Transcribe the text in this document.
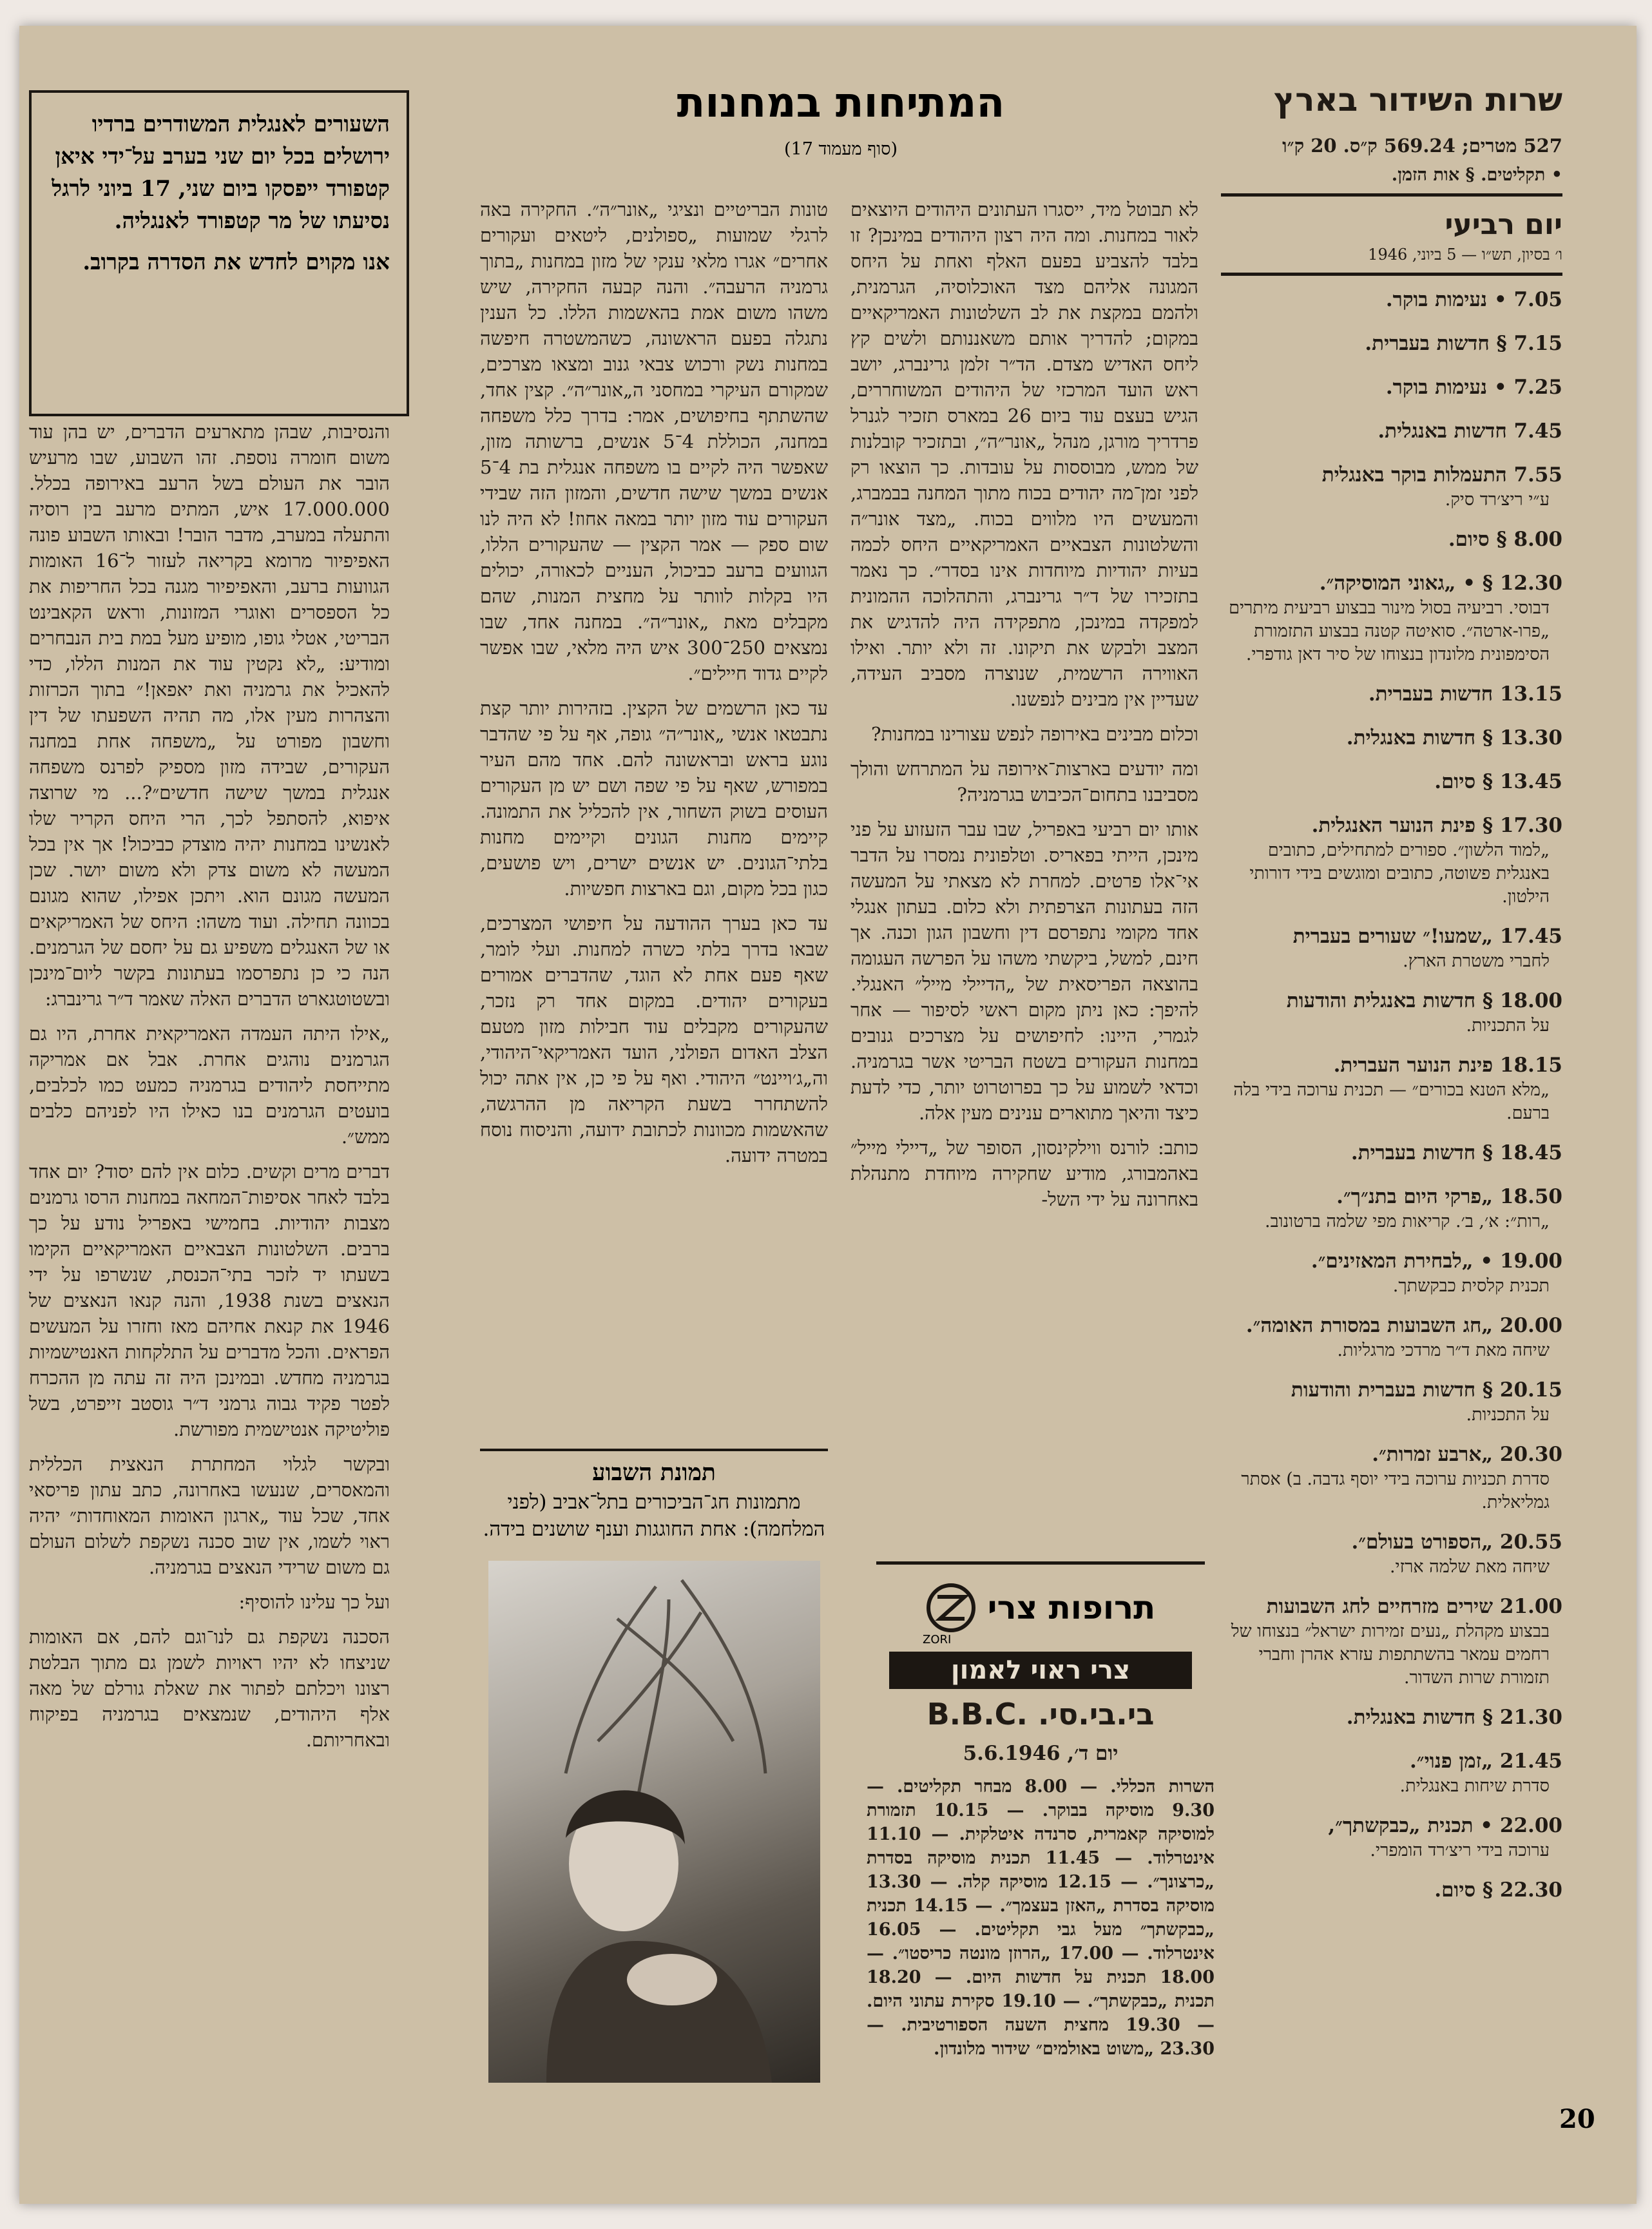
שרות השידור בארץ

527 מטרים; 569.24 ק״ס. 20 ק״ו

• תקליטים. § אות הזמן.

יום רביעי

ו׳ בסיון, תש״ו — 5 ביוני, 1946

7.05 • נעימות בוקר.

7.15 § חדשות בעברית.

7.25 • נעימות בוקר.

7.45 חדשות באנגלית.

7.55 התעמלות בוקר באנגלית

ע״י ריצ׳רד סיק.

8.00 § סיום.

12.30 § • „גאוני המוסיקה״.

דבוסי. רביעיה בסול מינור בבצוע רביעית מיתרים „פרו-ארטה״. סואיטה קטנה בבצוע התזמורת הסימפונית מלונדון בנצוחו של סיר דאן גודפרי.

13.15 חדשות בעברית.

13.30 § חדשות באנגלית.

13.45 § סיום.

17.30 § פינת הנוער האנגלית.

„למוד הלשון״. ספורים למתחילים, כתובים באנגלית פשוטה, כתובים ומוגשים בידי דורותי הילטון.

17.45 „שמעו!״ שעורים בעברית

לחברי משטרת הארץ.

18.00 § חדשות באנגלית והודעות

על התכניות.

18.15 פינת הנוער העברית.

„מלא הטנא בכורים״ — תכנית ערוכה בידי בלה ברעם.

18.45 § חדשות בעברית.

18.50 „פרקי היום בתנ״ך״.

„רות״: א׳, ב׳. קריאות מפי שלמה ברטונוב.

19.00 • „לבחירת המאזינים״.

תכנית קלסית כבקשתך.

20.00 „חג השבועות במסורת האומה״.

שיחה מאת ד״ר מרדכי מרגליות.

20.15 § חדשות בעברית והודעות

על התכניות.

20.30 „ארבע זמרות״.

סדרת תכניות ערוכה בידי יוסף גדבה. ב) אסתר גמליאלית.

20.55 „הספורט בעולם״.

שיחה מאת שלמה ארזי.

21.00 שירים מזרחיים לחג השבועות

בבצוע מקהלת „נעים זמירות ישראל״ בנצוחו של רחמים עמאר בהשתתפות עזרא אהרן וחברי תזמורת שרות השדור.

21.30 § חדשות באנגלית.

21.45 „זמן פנוי״.

סדרת שיחות באנגלית.

22.00 • תכנית „כבקשתך״,

ערוכה בידי ריצ׳רד הומפרי.

22.30 § סיום.

המתיחות במחנות

(סוף מעמוד 17)

לא תבוטל מיד, ייסגרו העתונים היהודים היוצאים לאור במחנות. ומה היה רצון היהודים במינכן? זו בלבד להצביע בפעם האלף ואחת על היחס המגונה אליהם מצד האוכלוסיה, הגרמנית, ולהמם במקצת את לב השלטונות האמריקאיים במקום; להדריך אותם משאננותם ולשים קץ ליחס האדיש מצדם. הד״ר זלמן גרינברג, יושב ראש הועד המרכזי של היהודים המשוחררים, הגיש בעצם עוד ביום 26 במארס תזכיר לגנרל פרדריך מורגן, מנהל „אונר״ה״, ובתזכיר קובלנות של ממש, מבוססות על עובדות. כך הוצאו רק לפני זמן־מה יהודים בכוח מתוך המחנה בבמברג, והמעשים היו מלווים בכוח. „מצד אונר״ה והשלטונות הצבאיים האמריקאיים היחס לכמה בעיות יהודיות מיוחדות אינו בסדר״. כך נאמר בתזכירו של ד״ר גרינברג, והתהלוכה ההמונית למפקדה במינכן, מתפקידה היה להדגיש את המצב ולבקש את תיקונו. זה ולא יותר. ואילו האווירה הרשמית, שנוצרה מסביב העידה, שעדיין אין מבינים לנפשנו.

וכלום מבינים באירופה לנפש עצורינו במחנות?

ומה יודעים בארצות־אירופה על המתרחש והולך מסביבנו בתחום־הכיבוש בגרמניה?

אותו יום רביעי באפריל, שבו עבר הזעזוע על פני מינכן, הייתי בפאריס. וטלפונית נמסרו על הדבר אי־אלו פרטים. למחרת לא מצאתי על המעשה הזה בעתונות הצרפתית ולא כלום. בעתון אנגלי אחד מקומי נתפרסם דין וחשבון הגון וכנה. אך חינם, למשל, ביקשתי משהו על הפרשה העגומה בהוצאה הפריסאית של „הדיילי מייל״ האנגלי. להיפך: כאן ניתן מקום ראשי לסיפור — אחר לגמרי, היינו: לחיפושים על מצרכים גנובים במחנות העקורים בשטח הבריטי אשר בגרמניה. וכדאי לשמוע על כך בפרוטרוט יותר, כדי לדעת כיצד והיאך מתוארים ענינים מעין אלה.

כותב: לורנס ווילקינסון, הסופר של „דיילי מייל״ באהמבורג, מודיע שחקירה מיוחדת מתנהלת באחרונה על ידי השל-

טונות הבריטיים ונציגי „אונר״ה״. החקירה באה לרגלי שמועות „ספולנים, ליטאים ועקורים אחרים״ אגרו מלאי ענקי של מזון במחנות „בתוך גרמניה הרעבה״. והנה קבעה החקירה, שיש משהו משום אמת בהאשמות הללו. כל הענין נתגלה בפעם הראשונה, כשהמשטרה חיפשה במחנות נשק ורכוש צבאי גנוב ומצאו מצרכים, שמקורם העיקרי במחסני ה„אונר״ה״. קצין אחד, שהשתתף בחיפושים, אמר: בדרך כלל משפחה במחנה, הכוללת 4־5 אנשים, ברשותה מזון, שאפשר היה לקיים בו משפחה אנגלית בת 4־5 אנשים במשך שישה חדשים, והמזון הזה שבידי העקורים עוד מזון יותר במאה אחוז! לא היה לנו שום ספק — אמר הקצין — שהעקורים הללו, הגוועים ברעב כביכול, העניים לכאורה, יכולים היו בקלות לוותר על מחצית המנות, שהם מקבלים מאת „אונר״ה״. במחנה אחד, שבו נמצאים 250־300 איש היה מלאי, שבו אפשר לקיים גדוד חיילים״.

עד כאן הרשמים של הקצין. בזהירות יותר קצת נתבטאו אנשי „אונר״ה״ גופה, אף על פי שהדבר נוגע בראש ובראשונה להם. אחד מהם העיר במפורש, שאף על פי שפה ושם יש מן העקורים העוסים בשוק השחור, אין להכליל את התמונה. קיימים מחנות הגונים וקיימים מחנות בלתי־הגונים. יש אנשים ישרים, ויש פושעים, כגון בכל מקום, וגם בארצות חפשיות.

עד כאן בערך ההודעה על חיפושי המצרכים, שבאו בדרך בלתי כשרה למחנות. ועלי לומר, שאף פעם אחת לא הוגד, שהדברים אמורים בעקורים יהודים. במקום אחד רק נזכר, שהעקורים מקבלים עוד חבילות מזון מטעם הצלב האדום הפולני, הועד האמריקאי־היהודי, וה„ג׳ויינט״ היהודי. ואף על פי כן, אין אתה יכול להשתחרר בשעת הקריאה מן ההרגשה, שהאשמות מכוונות לכתובת ידועה, והניסוח נוסח במטרה ידועה.

והנסיבות, שבהן מתארעים הדברים, יש בהן עוד משום חומרה נוספת. זהו השבוע, שבו מרעיש הובר את העולם בשל הרעב באירופה בכלל. 17.000.000 איש, המתים מרעב בין רוסיה והתעלה במערב, מדבר הובר! ובאותו השבוע פונה האפיפיור מרומא בקריאה לעזור ל־16 האומות הגוועות ברעב, והאפיפיור מגנה בכל החריפות את כל הספסרים ואוגרי המזונות, וראש הקאבינט הבריטי, אטלי גופו, מופיע מעל במת בית הנבחרים ומודיע: „לא נקטין עוד את המנות הללו, כדי להאכיל את גרמניה ואת יאפאן!״ בתוך הכרזות והצהרות מעין אלו, מה תהיה השפעתו של דין וחשבון מפורט על „משפחה אחת במחנה העקורים, שבידה מזון מספיק לפרנס משפחה אנגלית במשך שישה חדשים״?... מי שרוצה איפוא, להסתפל לכך, הרי היחס הקריר שלו לאנשינו במחנות יהיה מוצדק כביכול! אך אין בכל המעשה לא משום צדק ולא משום יושר. שכן המעשה מגונם הוא. ויתכן אפילו, שהוא מגונם בכוונה תחילה. ועוד משהו: היחס של האמריקאים או של האנגלים משפיע גם על יחסם של הגרמנים. הנה כי כן נתפרסמו בעתונות בקשר ליום־מינכן ובשטוטגארט הדברים האלה שאמר ד״ר גרינברג:

„אילו היתה העמדה האמריקאית אחרת, היו גם הגרמנים נוהגים אחרת. אבל אם אמריקה מתייחסת ליהודים בגרמניה כמעט כמו לכלבים, בועטים הגרמנים בנו כאילו היו לפניהם כלבים ממש״.

דברים מרים וקשים. כלום אין להם יסוד? יום אחד בלבד לאחר אסיפות־המחאה במחנות הרסו גרמנים מצבות יהודיות. בחמישי באפריל נודע על כך ברבים. השלטונות הצבאיים האמריקאיים הקימו בשעתו יד לזכר בתי־הכנסת, שנשרפו על ידי הנאצים בשנת 1938, והנה קנאו הנאצים של 1946 את קנאת אחיהם מאז וחזרו על המעשים הפראים. והכל מדברים על התלקחות האנטישמיות בגרמניה מחדש. ובמינכן היה זה עתה מן ההכרח לפטר פקיד גבוה גרמני ד״ר גוסטב זייפרט, בשל פוליטיקה אנטישמית מפורשת.

ובקשר לגלוי המחתרת הנאצית הכללית והמאסרים, שנעשו באחרונה, כתב עתון פריסאי אחד, שכל עוד „ארגון האומות המאוחדות״ יהיה ראוי לשמו, אין שוב סכנה נשקפת לשלום העולם גם משום שרידי הנאצים בגרמניה.

ועל כך עלינו להוסיף:

הסכנה נשקפת גם לנו־וגם להם, אם האומות שניצחו לא יהיו ראויות לשמן גם מתוך הבלטת רצונו ויכלתם לפתור את שאלת גורלם של מאה אלף היהודים, שנמצאים בגרמניה בפיקוח ובאחריותם.

השעורים לאנגלית המשודרים ברדיו ירושלים בכל יום שני בערב על־ידי איאן קטפורד ייפסקו ביום שני, 17 ביוני לרגל נסיעתו של מר קטפורד לאנגליה.

אנו מקוים לחדש את הסדרה בקרוב.

תמונת השבוע

מתמונות חג־הביכורים בתל־אביב (לפני המלחמה): אחת החוגגות וענף שושנים בידה.

תרופות צרי
ZORI
צרי ראוי לאמון

בי.בי.סי. .B.B.C

יום ד׳, 5.6.1946

השרות הכללי. — 8.00 מבחר תקליטים. — 9.30 מוסיקה בבוקר. — 10.15 תזמורת למוסיקה קאמרית, סרנדה איטלקית. — 11.10 אינטרלוד. — 11.45 תכנית מוסיקה בסדרת „כרצונך״. — 12.15 מוסיקה קלה. — 13.30 מוסיקה בסדרת „האזן בעצמך״. — 14.15 תכנית „כבקשתך״ מעל גבי תקליטים. — 16.05 אינטרלוד. — 17.00 „הרוזן מונטה כריסטו״. — 18.00 תכנית על חדשות היום. — 18.20 תכנית „כבקשתך״. — 19.10 סקירת עתוני היום. — 19.30 מחצית השעה הספורטיבית. — 23.30 „משוט באולמים״ שידור מלונדון.

20
